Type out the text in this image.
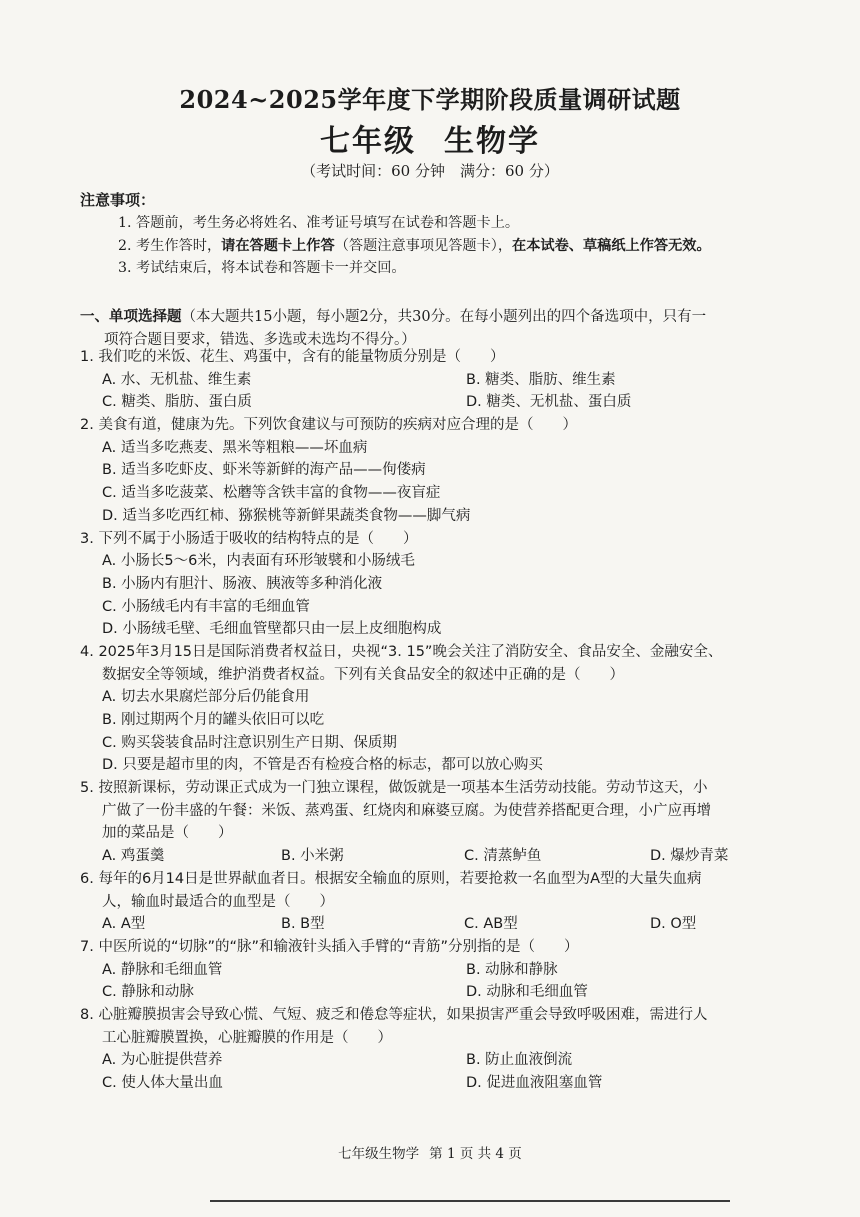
2024~2025学年度下学期阶段质量调研试题
七年级 生物学
（考试时间：60 分钟　满分：60 分）
注意事项：
1. 答题前，考生务必将姓名、准考证号填写在试卷和答题卡上。
2. 考生作答时，请在答题卡上作答（答题注意事项见答题卡），在本试卷、草稿纸上作答无效。
3. 考试结束后，将本试卷和答题卡一并交回。
一、单项选择题（本大题共15小题，每小题2分，共30分。在每小题列出的四个备选项中，只有一
项符合题目要求，错选、多选或未选均不得分。）
1. 我们吃的米饭、花生、鸡蛋中，含有的能量物质分别是（　　）
A. 水、无机盐、维生素	B. 糖类、脂肪、维生素
C. 糖类、脂肪、蛋白质	D. 糖类、无机盐、蛋白质
2. 美食有道，健康为先。下列饮食建议与可预防的疾病对应合理的是（　　）
A. 适当多吃燕麦、黑米等粗粮——坏血病
B. 适当多吃虾皮、虾米等新鲜的海产品——佝偻病
C. 适当多吃菠菜、松蘑等含铁丰富的食物——夜盲症
D. 适当多吃西红柿、猕猴桃等新鲜果蔬类食物——脚气病
3. 下列不属于小肠适于吸收的结构特点的是（　　）
A. 小肠长5～6米，内表面有环形皱襞和小肠绒毛
B. 小肠内有胆汁、肠液、胰液等多种消化液
C. 小肠绒毛内有丰富的毛细血管
D. 小肠绒毛壁、毛细血管壁都只由一层上皮细胞构成
4. 2025年3月15日是国际消费者权益日，央视“3. 15”晚会关注了消防安全、食品安全、金融安全、
数据安全等领域，维护消费者权益。下列有关食品安全的叙述中正确的是（　　）
A. 切去水果腐烂部分后仍能食用
B. 刚过期两个月的罐头依旧可以吃
C. 购买袋装食品时注意识别生产日期、保质期
D. 只要是超市里的肉，不管是否有检疫合格的标志，都可以放心购买
5. 按照新课标，劳动课正式成为一门独立课程，做饭就是一项基本生活劳动技能。劳动节这天，小
广做了一份丰盛的午餐：米饭、蒸鸡蛋、红烧肉和麻婆豆腐。为使营养搭配更合理，小广应再增
加的菜品是（　　）
A. 鸡蛋羹	B. 小米粥	C. 清蒸鲈鱼	D. 爆炒青菜
6. 每年的6月14日是世界献血者日。根据安全输血的原则，若要抢救一名血型为A型的大量失血病
人，输血时最适合的血型是（　　）
A. A型	B. B型	C. AB型	D. O型
7. 中医所说的“切脉”的“脉”和输液针头插入手臂的“青筋”分别指的是（　　）
A. 静脉和毛细血管	B. 动脉和静脉
C. 静脉和动脉	D. 动脉和毛细血管
8. 心脏瓣膜损害会导致心慌、气短、疲乏和倦怠等症状，如果损害严重会导致呼吸困难，需进行人
工心脏瓣膜置换，心脏瓣膜的作用是（　　）
A. 为心脏提供营养	B. 防止血液倒流
C. 使人体大量出血	D. 促进血液阻塞血管
七年级生物学 第 1 页 共 4 页
